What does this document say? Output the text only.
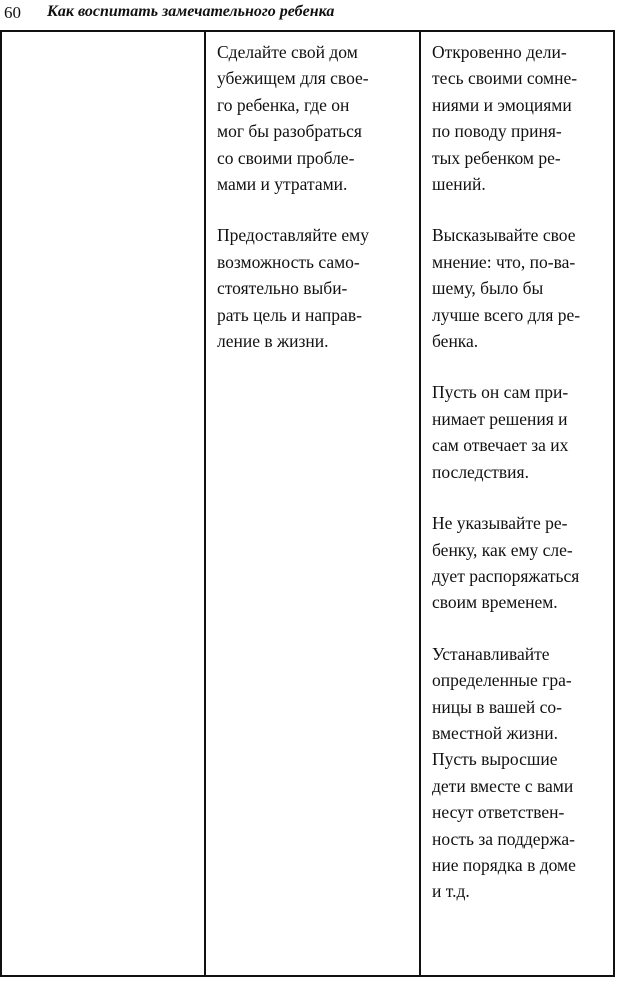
60 Как воспитать замечательного ребенка

Сделайте свой дом
убежищем для свое-
го ребенка, где он
мог бы разобраться
со своими пробле-
мами и утратами.

Предоставляйте ему
возможность само-
стоятельно выби-
рать цель и направ-
ление в жизни.

Откровенно дели-
тесь своими сомне-
ниями и эмоциями
по поводу приня-
тых ребенком ре-
шений.

Высказывайте свое
мнение: что, по-ва-
шему, было бы
лучше всего для ре-
бенка.

Пусть он сам при-
нимает решения и
сам отвечает за их
последствия.

Не указывайте ре-
бенку, как ему сле-
дует распоряжаться
своим временем.

Устанавливайте
определенные гра-
ницы в вашей со-
вместной жизни.
Пусть выросшие
дети вместе с вами
несут ответствен-
ность за поддержа-
ние порядка в доме
и т.д.
